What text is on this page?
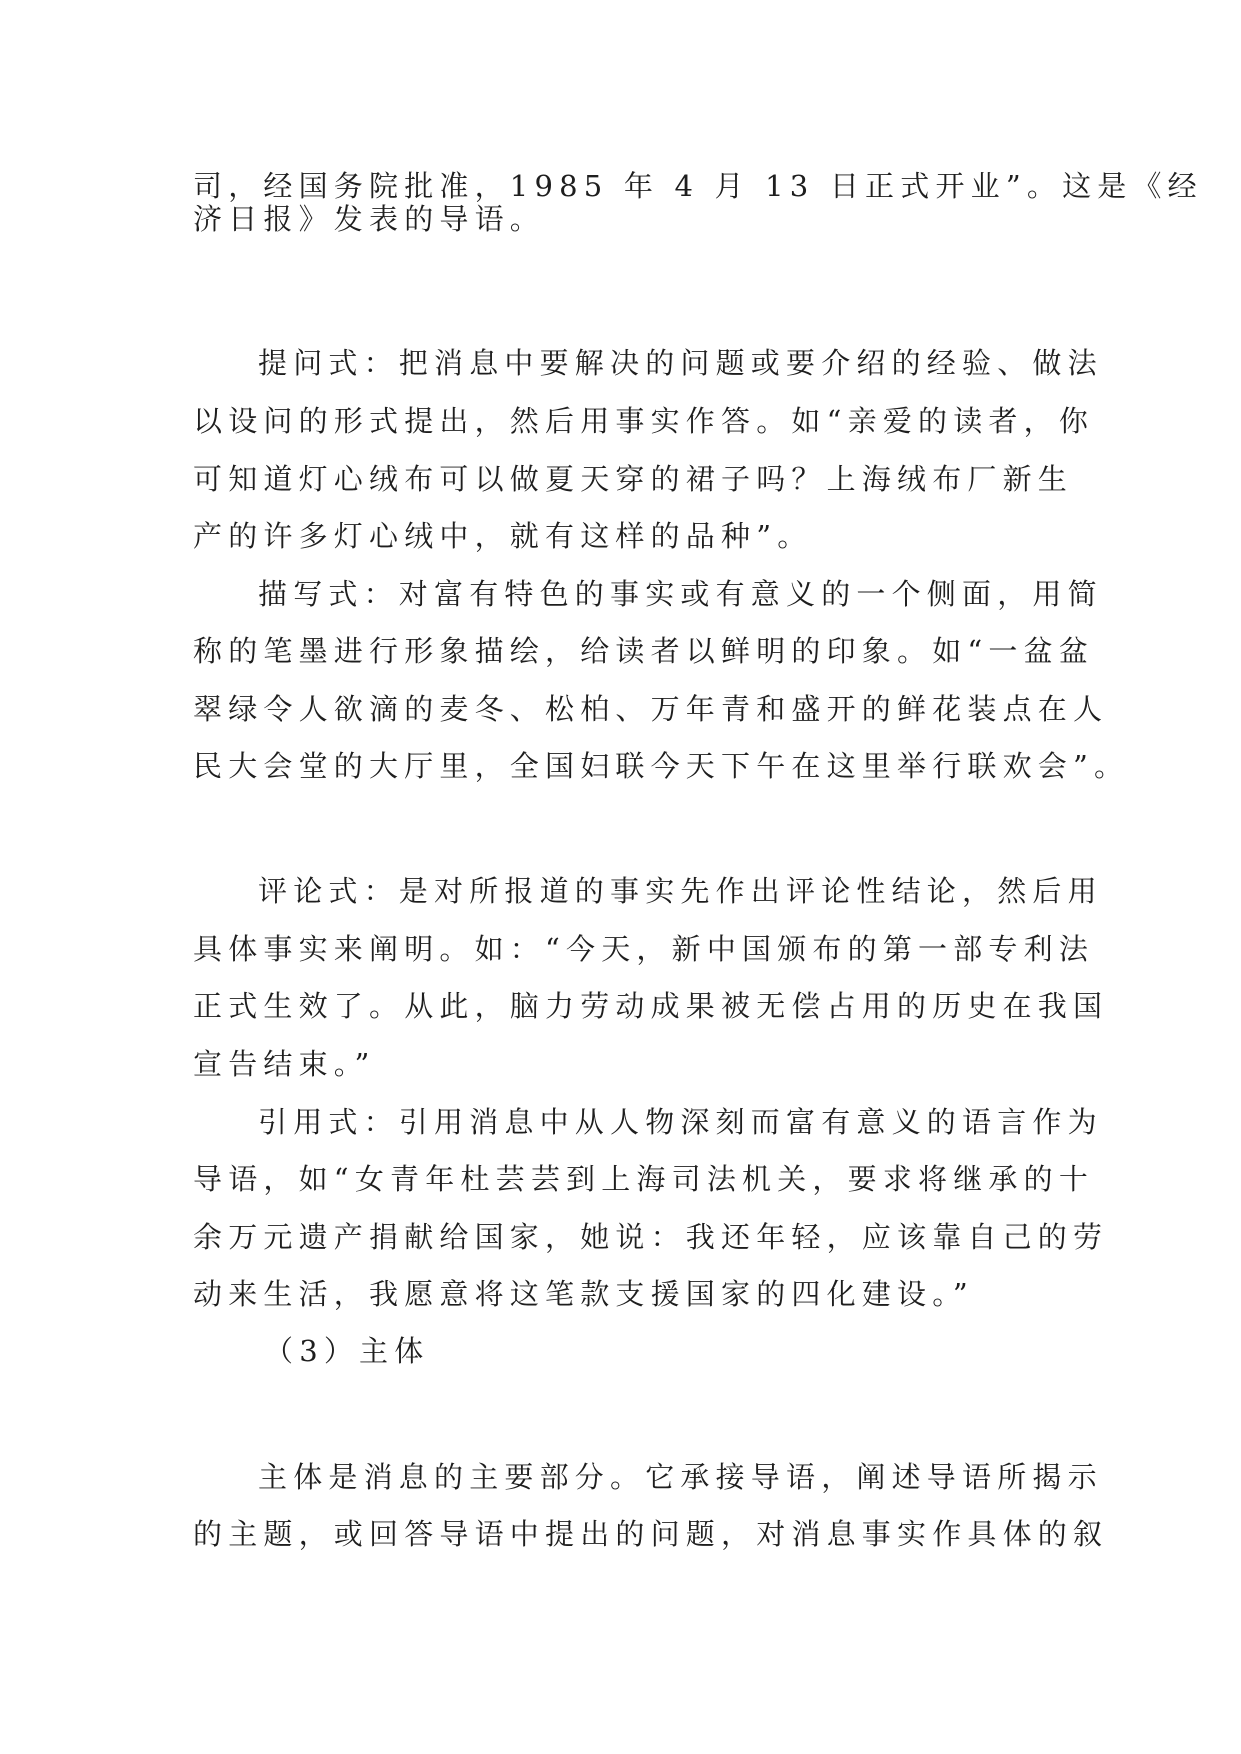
司，经国务院批准，1985 年 4 月 13 日正式开业”。这是《经
济日报》发表的导语。
提问式：把消息中要解决的问题或要介绍的经验、做法
以设问的形式提出，然后用事实作答。如“亲爱的读者，你
可知道灯心绒布可以做夏天穿的裙子吗？上海绒布厂新生
产的许多灯心绒中，就有这样的品种”。
描写式：对富有特色的事实或有意义的一个侧面，用简
称的笔墨进行形象描绘，给读者以鲜明的印象。如“一盆盆
翠绿令人欲滴的麦冬、松柏、万年青和盛开的鲜花装点在人
民大会堂的大厅里，全国妇联今天下午在这里举行联欢会”。
评论式：是对所报道的事实先作出评论性结论，然后用
具体事实来阐明。如：“今天，新中国颁布的第一部专利法
正式生效了。从此，脑力劳动成果被无偿占用的历史在我国
宣告结束。”
引用式：引用消息中从人物深刻而富有意义的语言作为
导语，如“女青年杜芸芸到上海司法机关，要求将继承的十
余万元遗产捐献给国家，她说：我还年轻，应该靠自己的劳
动来生活，我愿意将这笔款支援国家的四化建设。”
（3）主体
主体是消息的主要部分。它承接导语，阐述导语所揭示
的主题，或回答导语中提出的问题，对消息事实作具体的叙
